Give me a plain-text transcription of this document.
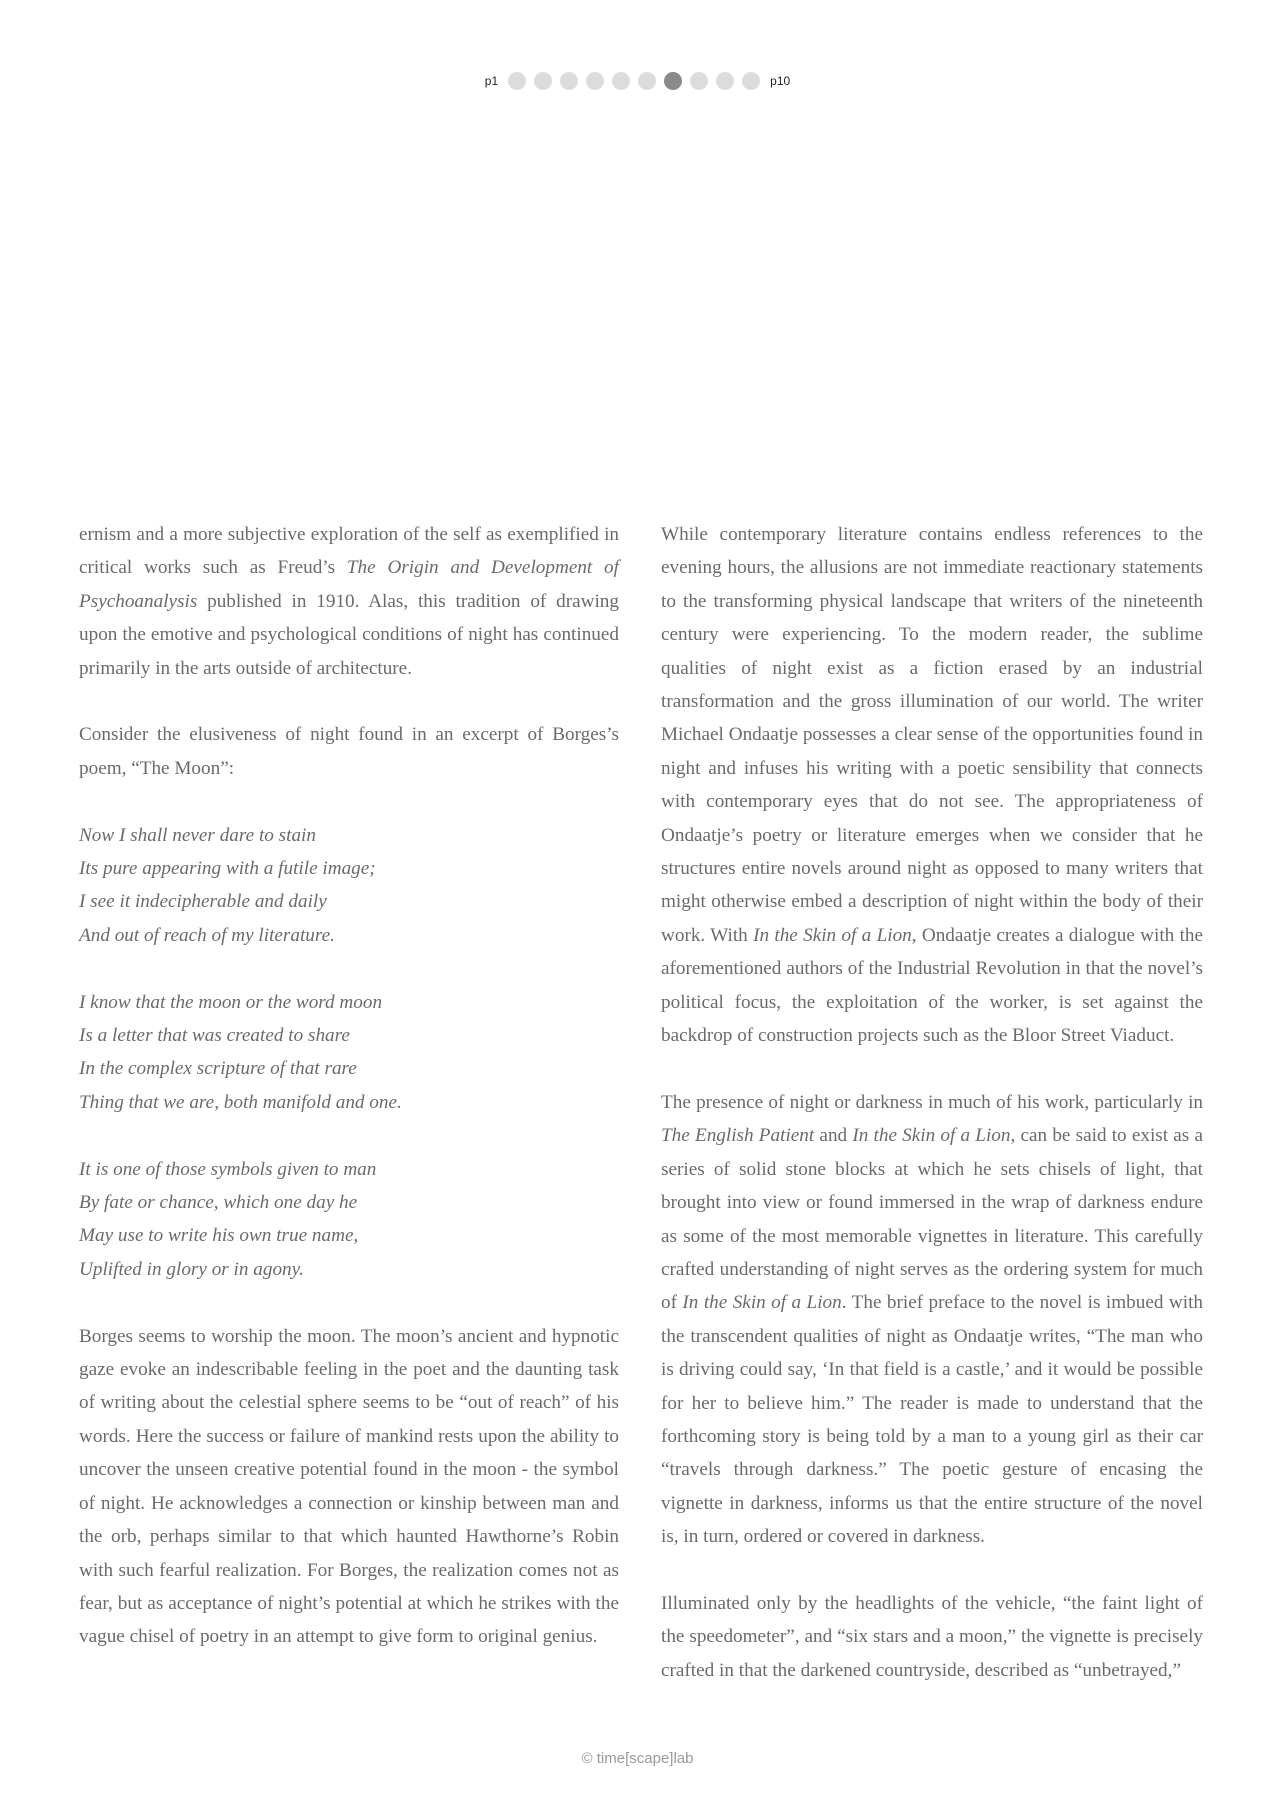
p1	p10

ernism and a more subjective exploration of the self as exemplified in critical works such as Freud’s The Origin and Development of Psychoanalysis published in 1910. Alas, this tradition of drawing upon the emotive and psychological conditions of night has continued primarily in the arts outside of architecture.

Consider the elusiveness of night found in an excerpt of Borges’s poem, “The Moon”:

Now I shall never dare to stain
Its pure appearing with a futile image;
I see it indecipherable and daily
And out of reach of my literature.

I know that the moon or the word moon
Is a letter that was created to share
In the complex scripture of that rare
Thing that we are, both manifold and one.

It is one of those symbols given to man
By fate or chance, which one day he
May use to write his own true name,
Uplifted in glory or in agony.

Borges seems to worship the moon. The moon’s ancient and hypnotic gaze evoke an indescribable feeling in the poet and the daunting task of writing about the celestial sphere seems to be “out of reach” of his words. Here the success or failure of mankind rests upon the ability to uncover the unseen creative potential found in the moon - the symbol of night. He acknowledges a connection or kinship between man and the orb, perhaps similar to that which haunted Hawthorne’s Robin with such fearful realization. For Borges, the realization comes not as fear, but as acceptance of night’s potential at which he strikes with the vague chisel of poetry in an attempt to give form to original genius.

While contemporary literature contains endless references to the evening hours, the allusions are not immediate reactionary statements to the transforming physical landscape that writers of the nineteenth century were experiencing. To the modern reader, the sublime qualities of night exist as a fiction erased by an industrial transformation and the gross illumination of our world. The writer Michael Ondaatje possesses a clear sense of the opportunities found in night and infuses his writing with a poetic sensibility that connects with contemporary eyes that do not see. The appropriateness of Ondaatje’s poetry or literature emerges when we consider that he structures entire novels around night as opposed to many writers that might otherwise embed a description of night within the body of their work. With In the Skin of a Lion, Ondaatje creates a dialogue with the aforementioned authors of the Industrial Revolution in that the novel’s political focus, the exploitation of the worker, is set against the backdrop of construction projects such as the Bloor Street Viaduct.

The presence of night or darkness in much of his work, particularly in The English Patient and In the Skin of a Lion, can be said to exist as a series of solid stone blocks at which he sets chisels of light, that brought into view or found immersed in the wrap of darkness endure as some of the most memorable vignettes in literature. This carefully crafted understanding of night serves as the ordering system for much of In the Skin of a Lion. The brief preface to the novel is imbued with the transcendent qualities of night as Ondaatje writes, “The man who is driving could say, ‘In that field is a castle,’ and it would be possible for her to believe him.” The reader is made to understand that the forthcoming story is being told by a man to a young girl as their car “travels through darkness.” The poetic gesture of encasing the vignette in darkness, informs us that the entire structure of the novel is, in turn, ordered or covered in darkness.

Illuminated only by the headlights of the vehicle, “the faint light of the speedometer”, and “six stars and a moon,” the vignette is precisely crafted in that the darkened countryside, described as “unbetrayed,”

© time[scape]lab
